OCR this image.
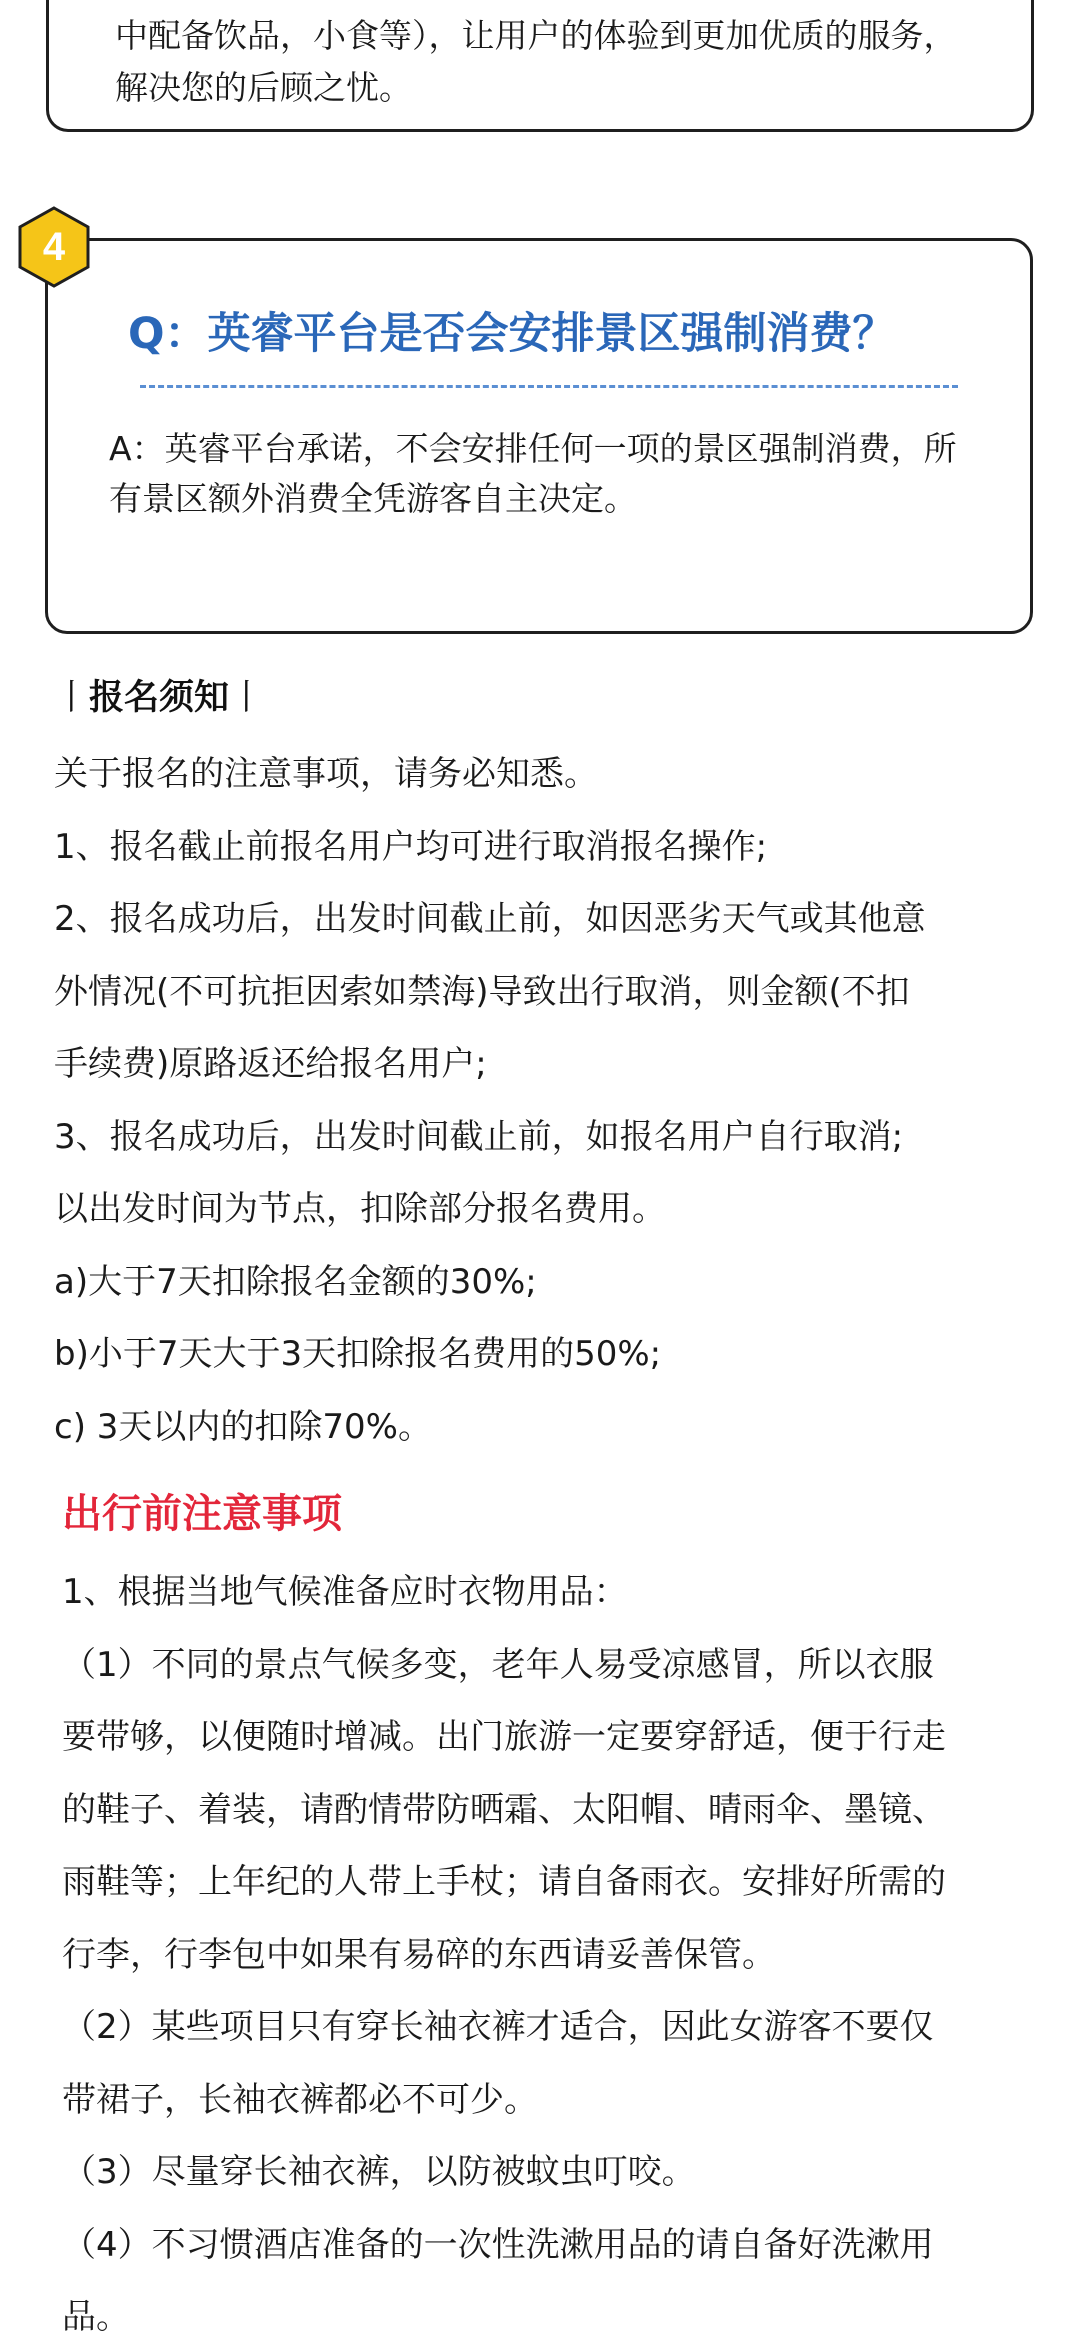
中配备饮品，小食等），让用户的体验到更加优质的服务，
解决您的后顾之忧。
4
Q：英睿平台是否会安排景区强制消费？
A：英睿平台承诺，不会安排任何一项的景区强制消费，所
有景区额外消费全凭游客自主决定。
丨报名须知丨
关于报名的注意事项，请务必知悉。
1、报名截止前报名用户均可进行取消报名操作;
2、报名成功后，出发时间截止前，如因恶劣天气或其他意
外情况(不可抗拒因索如禁海)导致出行取消，则金额(不扣
手续费)原路返还给报名用户;
3、报名成功后，出发时间截止前，如报名用户自行取消;
以出发时间为节点，扣除部分报名费用。
a)大于7天扣除报名金额的30%;
b)小于7天大于3天扣除报名费用的50%;
c) 3天以内的扣除70%。
出行前注意事项
1、根据当地气候准备应时衣物用品：
（1）不同的景点气候多变，老年人易受凉感冒，所以衣服
要带够，以便随时增减。出门旅游一定要穿舒适，便于行走
的鞋子、着装，请酌情带防晒霜、太阳帽、晴雨伞、墨镜、
雨鞋等；上年纪的人带上手杖；请自备雨衣。安排好所需的
行李，行李包中如果有易碎的东西请妥善保管。
（2）某些项目只有穿长袖衣裤才适合，因此女游客不要仅
带裙子，长袖衣裤都必不可少。
（3）尽量穿长袖衣裤，以防被蚊虫叮咬。
（4）不习惯酒店准备的一次性洗漱用品的请自备好洗漱用
品。
